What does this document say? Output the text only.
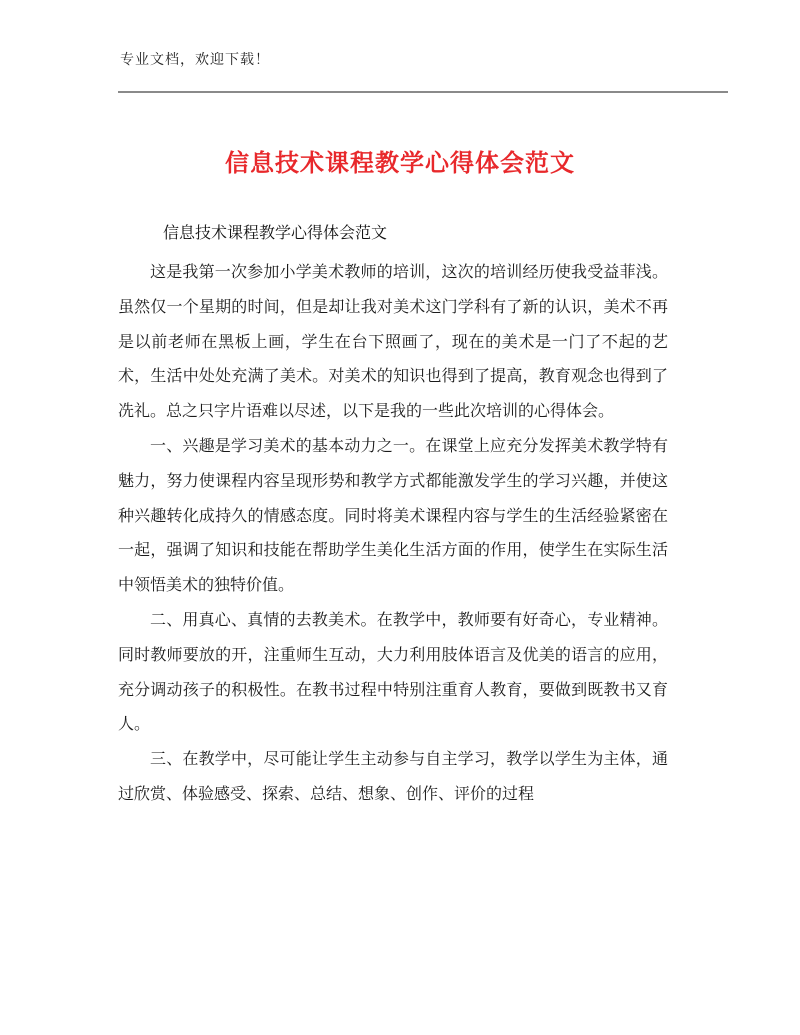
专业文档，欢迎下载！
信息技术课程教学心得体会范文
信息技术课程教学心得体会范文

这是我第一次参加小学美术教师的培训，这次的培训经历使我受益菲浅。虽然仅一个星期的时间，但是却让我对美术这门学科有了新的认识，美术不再是以前老师在黑板上画，学生在台下照画了，现在的美术是一门了不起的艺术，生活中处处充满了美术。对美术的知识也得到了提高，教育观念也得到了冼礼。总之只字片语难以尽述，以下是我的一些此次培训的心得体会。

一、兴趣是学习美术的基本动力之一。在课堂上应充分发挥美术教学特有魅力，努力使课程内容呈现形势和教学方式都能激发学生的学习兴趣，并使这种兴趣转化成持久的情感态度。同时将美术课程内容与学生的生活经验紧密在一起，强调了知识和技能在帮助学生美化生活方面的作用，使学生在实际生活中领悟美术的独特价值。

二、用真心、真情的去教美术。在教学中，教师要有好奇心，专业精神。同时教师要放的开，注重师生互动，大力利用肢体语言及优美的语言的应用，充分调动孩子的积极性。在教书过程中特别注重育人教育，要做到既教书又育人。

三、在教学中，尽可能让学生主动参与自主学习，教学以学生为主体，通过欣赏、体验感受、探索、总结、想象、创作、评价的过程
